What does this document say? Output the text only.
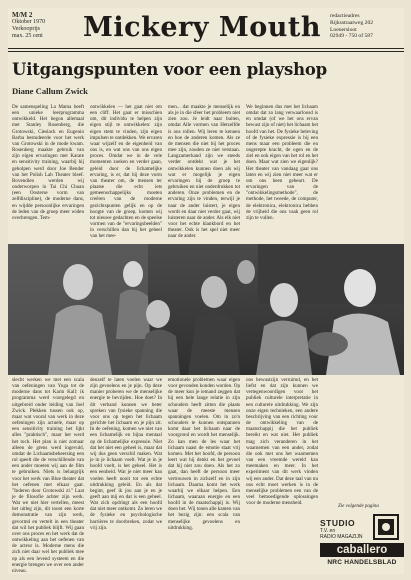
M/M 2
Oktober 1970
Verkooprijs
max. 25 cent Mickery Mouth	redactieadres
Rijksstraatweg 202
Loenersloot
02949 - 750 of 587
Uitgangspunten voor een playshop
Diane Callum Zwick
De samenspeling La Mama heeft een unieke leerprogramma ontwikkeld. Het begon allemaal met Stanley Rosenberg, die Grotowski, Cieslack en Eugenio Barba bestudeerde voor het werk van Grotowski in de mode kwam. Rosenberg maakte gebruik van zijn eigen ervaringen met Karate en sensitivity training, waarbij hij geholpen werd door Joe Bender van het Polish Lab Theater bleef. Bovendien werden wij onderworpen in Tai Chi Chuan (een Oosterse vorm van zelfdiscipline), de moderne dans, en wijdde persoonlijke ervaringen de leden van de groep meer widen overbrengen. Tem-
ontwikkelen — het gaat niet om een cliff. Het gaat er misschien om, dit individu te helpen zijn eigen stijl te ontwikkelen: zijn eigen stem te vinden, zijn eigen impulsen te ontdekken. We ervaren waar wijzelf en de eigenheid van ons is, en wat ons van ons eigen proces. Omdat we in de vele momenten zoeken en verder gaan, geleid door de lichamelijke ervaring, is er, dat bij deze vorm van theater om, de mensen ter plaatse die echt iets gemeenschappelijks moeten creëren van de moderne gezichtspunten gelijk en op de hoogte van de groep, komen wij tot nieuwe gedachten en de speelse vormen van de "ervaringsbeelden" in verschillen dan bij het geheel van het mee-
men... dat maakte je menselijk en als je in die sfeer het probleem niet zien zou. Je leidt naar buiten, omdat Alle vormen van Hetzelfde is ons rollen. Wij leren te kennen en hoe de anderen komen. Als ze de mensen die niet bij het proces mee zijn, zouden ze niet verstaan. Langzamerhand zijn we steeds verder ontdekt wat je het ontwikkelen kunnen doen als wij wat er mogelijk je eigen ervaringen bij de groep te gebruiken en niet onderdrukken tot anderen. Onze problemen en de ervaring zijn te vinden, terwijl je naar de ander luistert, je eigen wordt en daar niet verder gaat, wij luisteren naar de ander. Als elk niet voor het echte klankbord en het theater. Ook is het spel niet meer naar de ander.
We beginnen dus met het lichaam omdat dat zo lang verwaarloosd is en omdat (of we het ons ervan bewust zijn of niet) het lichaam het hoofd van het. De fysieke beleving of de fysieke expressie is bij een mens maar een probleem die en ongerepte kracht, de ogen en de ziel en ook eigen van het rol en het doen. Maar wat zien we eigenlijk? Het theater van vandaag gaat ons laten en wij zien niet meer wat er om ons heen gebeurt. De ervaringen van de "ontwikkelingsmethode", de methode, het tweede, de computer, de elektronica, elektronica hebben de vrijheid die ons vaak geen rol zijn te vullen.
slecht werken we met een scala van oefeningen van Yoga tot de moderne dans tot Karin Kall: ik programma werd voorgelegd en uitgebreid onder leiding van Joel Zwick. Plekken tussen ook op, maar wat vooral van werk in deze oefeningen zijn actuele, maar op een sensitivity training het lijkt alles "praktisch", maar het werd het toch. Het plan is niet zomaar alleen de grens werd ingevuld, omdat de Lichaamsbeheersing een rol speelt die de verschillende van een ander moeten wij aan de film te gebruiken. Niets is belangrijk voor het werk van Blue theater dat het oefenen met elkaar gaat. "Inderen door Grotowski zl." Laat je de filosofie achter zijn werk. Wat we niet hier vertellen, meest het uitleg zijn, dit toont een korte demonstratie van zijn werk, gevormd en vertelt in een theater dat wil het publiek blijft. Wij gaan over ons proces en het werk dat de ontwikkeling aan het oefenen van de acteur is. Moderne mens die zich niet daar wel het publiek mee op als een levend systeem en die energie brengen we over een ander niveau.
denzelf te laten voelen waar we zijn gevoelens en je pijn. Op deze manier proberen we de menselijke energie te bevrijden. Hoe doet? In dit verband kunnen we beter spreken van fysieke spanning die voor ons op tegen het lichaam gerichte het lichaam en je pijn zit. In de oefening, komen we niet van een lichamelijk en bijna mentaal op de lichamelijke expressie. Niet dat het niet een geheel is, maar dat wij dus geen verschil maken. Wat je in je lichaam voelt. Wat je in je hoofd voelt, is het geheel. Het is een eenheid. Wat je niet meer kan voelen heeft nooit tot een echte uitdrukking geleid. En als dat begint, geef ik jou aan je en je geeft aan mij en dat is een geheel. Wat zich opdringt als een hoofd dat niet meer ontkomt. Zo leren we de fysieke en psychologische barrières te doorbreken, zodat we vrij zijn.
emotionele problemen waar eigen voor gevonden konden worden. Op de meer kun je iemand zeggen dat hij een hele lange relatie in zijn schouders heeft zitten die plaats waar de meeste mensen spanningen voelen. Om in zo'n schouders te kunnen ontspannen komt daar het lichaam naar de voorgrond en wordt het menselijk. Zo kan men de les waar het lichaam naast de emotie staat vrij komen. Met het hoofd, de persoon leert wat hij denkt en het gevoel dat hij niet zou doen. Als het zo gaat, dan heeft de persoon meer vertrouwen in zichzelf en in zijn lichaam. Daarna komt het werk waarbij we elkaar helpen. Een lichaam, waaraan energie en een hoofd in de maatschappij is. Wij doen het. Wij tonen alle kanten van het bezig zijn: een scala van menselijke gevoelens en uitdrukking.
ons bewustzijn verruimd, en het liefst en dat zijn kunnen we vertegenwoordigen voor het publiek culturele interpretatie in een culturele uitdrukking. We zijn onze eigen technieken, een andere beschrijving van een richting voor de ontwikkeling van de maatschappij die het publiek bereikt en wat niet. Het publiek mag zich veranderen in het waarnemen van een ander, zodat die ook met ons het waarnemen van een vreemde wereld kan meemaken en meer. In het experiment van dit werk vinden wij een ander. Dat deze taal van nu ons echt moet werken is in de menselijke problemen een van de veel bemoedigende oplossingen voor de moderne mensheid.
Zie volgende pagina
STUDIO
T.V. en
RADIO MAGAZIJN
caballero
NRC HANDELSBLAD
